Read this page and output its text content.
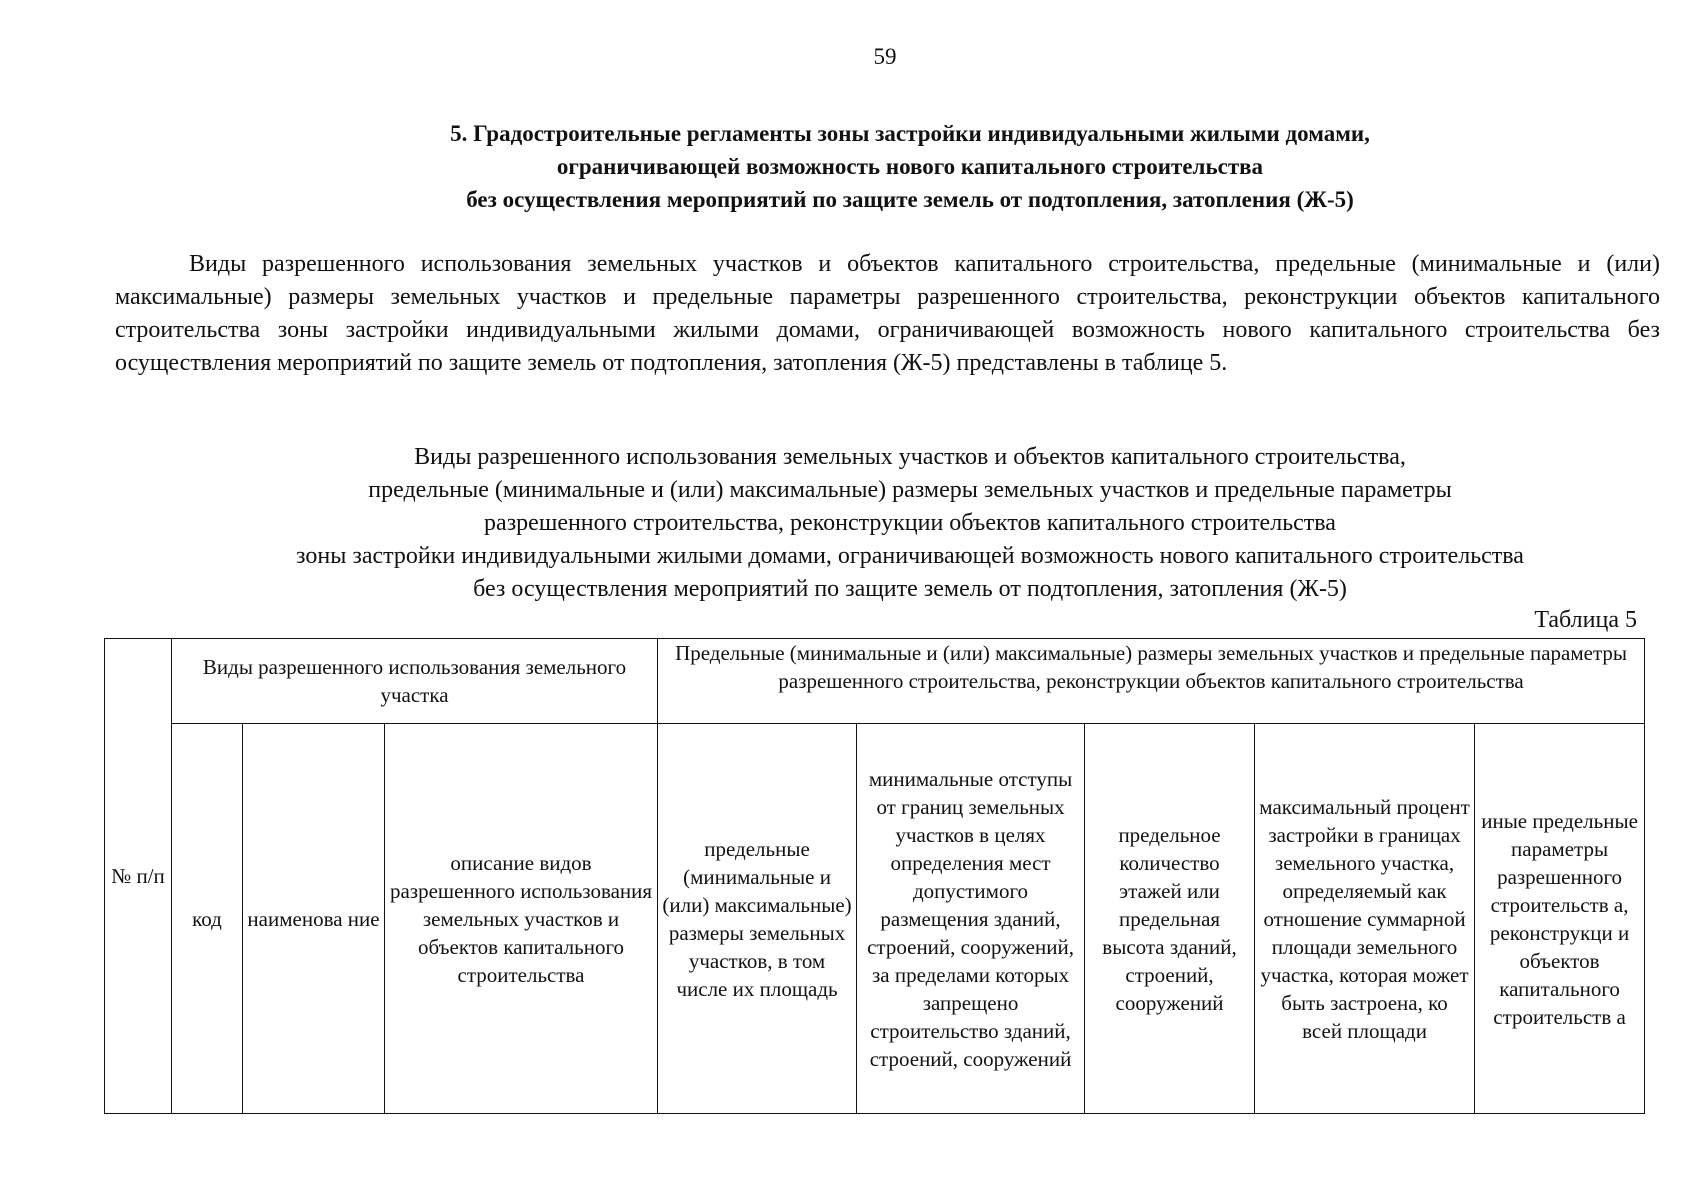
59
5. Градостроительные регламенты зоны застройки индивидуальными жилыми домами,
ограничивающей возможность нового капитального строительства
без осуществления мероприятий по защите земель от подтопления, затопления (Ж-5)
Виды разрешенного использования земельных участков и объектов капитального строительства, предельные (минимальные и (или) максимальные) размеры земельных участков и предельные параметры разрешенного строительства, реконструкции объектов капитального строительства зоны застройки индивидуальными жилыми домами, ограничивающей возможность нового капитального строительства без осуществления мероприятий по защите земель от подтопления, затопления (Ж-5) представлены в таблице 5.
Виды разрешенного использования земельных участков и объектов капитального строительства,
предельные (минимальные и (или) максимальные) размеры земельных участков и предельные параметры
разрешенного строительства, реконструкции объектов капитального строительства
зоны застройки индивидуальными жилыми домами, ограничивающей возможность нового капитального строительства
без осуществления мероприятий по защите земель от подтопления, затопления (Ж-5)
Таблица 5
№ п/п	Виды разрешенного использования земельного участка			Предельные (минимальные и (или) максимальные) размеры земельных участков и предельные параметры разрешенного строительства, реконструкции объектов капитального строительства				
	код	наименова ние	описание видов разрешенного использования земельных участков и объектов капитального строительства	предельные (минимальные и (или) максимальные) размеры земельных участков, в том числе их площадь	минимальные отступы от границ земельных участков в целях определения мест допустимого размещения зданий, строений, сооружений, за пределами которых запрещено строительство зданий, строений, сооружений	предельное количество этажей или предельная высота зданий, строений, сооружений	максимальный процент застройки в границах земельного участка, определяемый как отношение суммарной площади земельного участка, которая может быть застроена, ко всей площади	иные предельные параметры разрешенного строительств а, реконструкци и объектов капитального строительств а
